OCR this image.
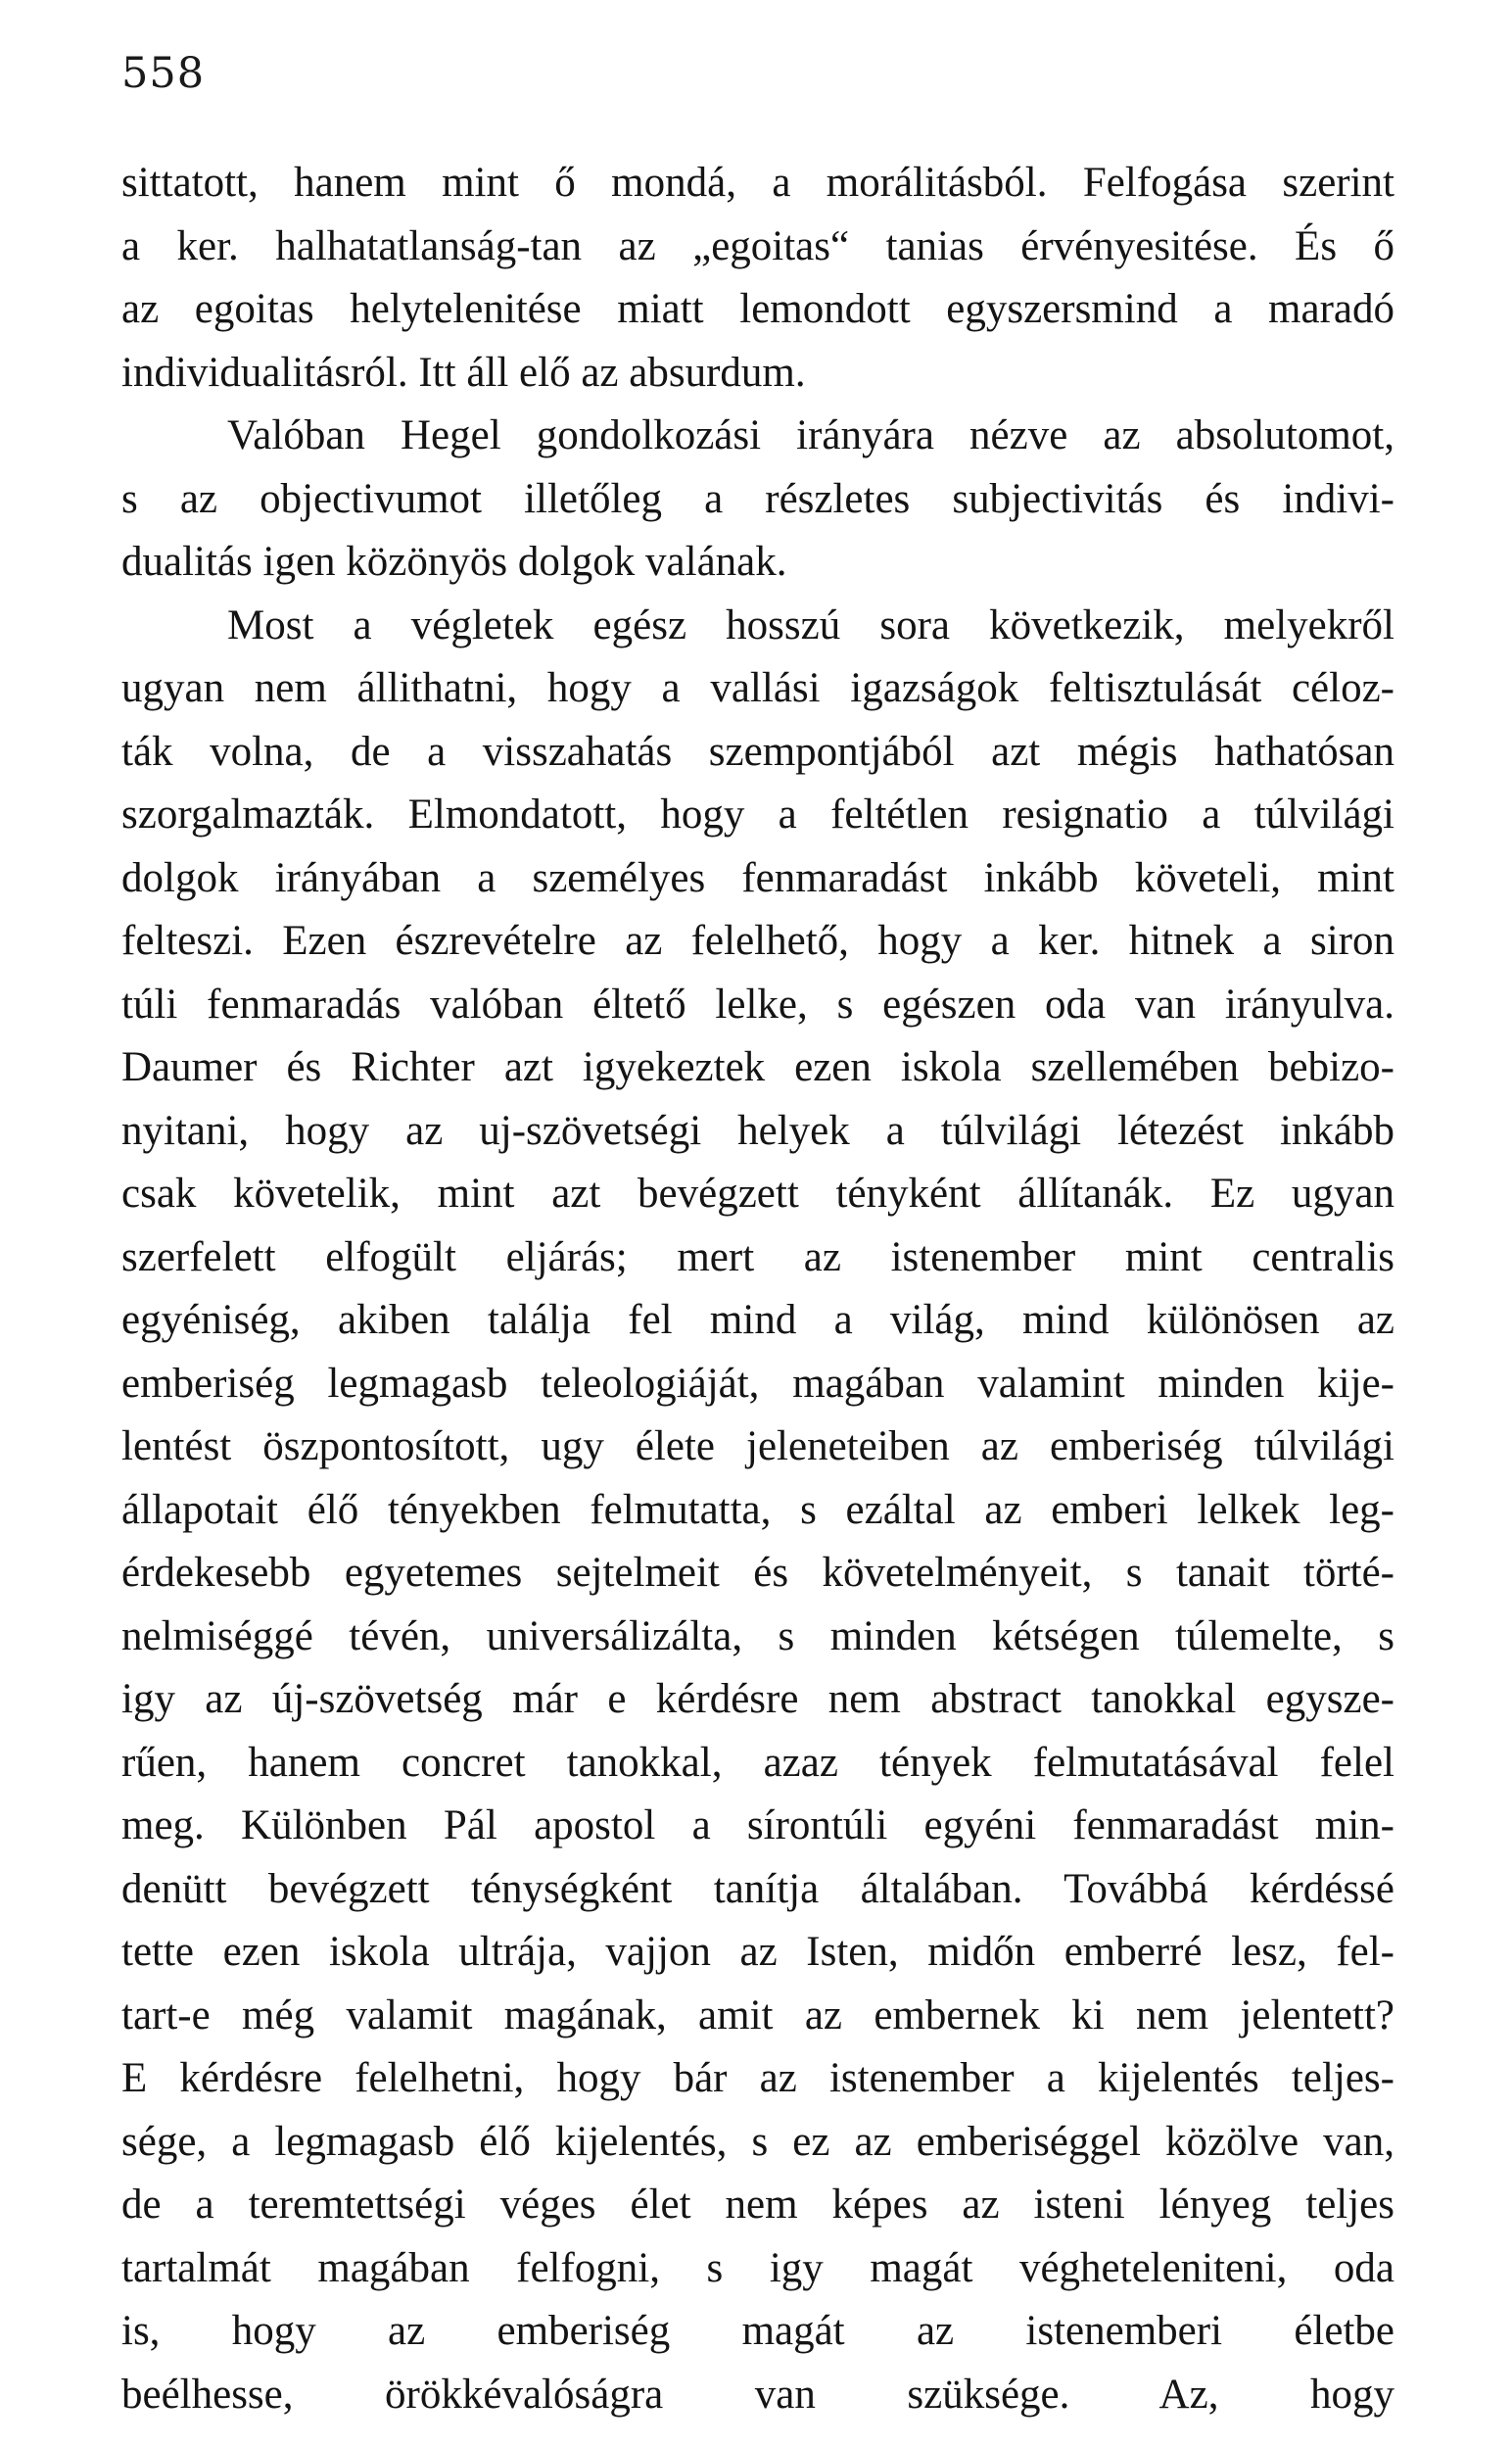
558
sittatott, hanem mint ő mondá, a morálitásból. Felfogása szerint
a ker. halhatatlanság-tan az „egoitas“ tanias érvényesitése. És ő
az egoitas helytelenitése miatt lemondott egyszersmind a maradó
individualitásról. Itt áll elő az absurdum.
Valóban Hegel gondolkozási irányára nézve az absolutomot,
s az objectivumot illetőleg a részletes subjectivitás és indivi-
dualitás igen közönyös dolgok valának.
Most a végletek egész hosszú sora következik, melyekről
ugyan nem állithatni, hogy a vallási igazságok feltisztulását céloz-
ták volna, de a visszahatás szempontjából azt mégis hathatósan
szorgalmazták. Elmondatott, hogy a feltétlen resignatio a túlvilági
dolgok irányában a személyes fenmaradást inkább követeli, mint
felteszi. Ezen észrevételre az felelhető, hogy a ker. hitnek a siron
túli fenmaradás valóban éltető lelke, s egészen oda van irányulva.
Daumer és Richter azt igyekeztek ezen iskola szellemében bebizo-
nyitani, hogy az uj-szövetségi helyek a túlvilági létezést inkább
csak követelik, mint azt bevégzett tényként állítanák. Ez ugyan
szerfelett elfogült eljárás; mert az istenember mint centralis
egyéniség, akiben találja fel mind a világ, mind különösen az
emberiség legmagasb teleologiáját, magában valamint minden kije-
lentést öszpontosított, ugy élete jeleneteiben az emberiség túlvilági
állapotait élő tényekben felmutatta, s ezáltal az emberi lelkek leg-
érdekesebb egyetemes sejtelmeit és követelményeit, s tanait törté-
nelmiséggé tévén, universálizálta, s minden kétségen túlemelte, s
igy az új-szövetség már e kérdésre nem abstract tanokkal egysze-
rűen, hanem concret tanokkal, azaz tények felmutatásával felel
meg. Különben Pál apostol a sírontúli egyéni fenmaradást min-
denütt bevégzett ténységként tanítja általában. Továbbá kérdéssé
tette ezen iskola ultrája, vajjon az Isten, midőn emberré lesz, fel-
tart-e még valamit magának, amit az embernek ki nem jelentett?
E kérdésre felelhetni, hogy bár az istenember a kijelentés teljes-
sége, a legmagasb élő kijelentés, s ez az emberiséggel közölve van,
de a teremtettségi véges élet nem képes az isteni lényeg teljes
tartalmát magában felfogni, s igy magát végheteleniteni, oda
is, hogy az emberiség magát az istenemberi életbe
beélhesse, örökkévalóságra van szüksége. Az, hogy
